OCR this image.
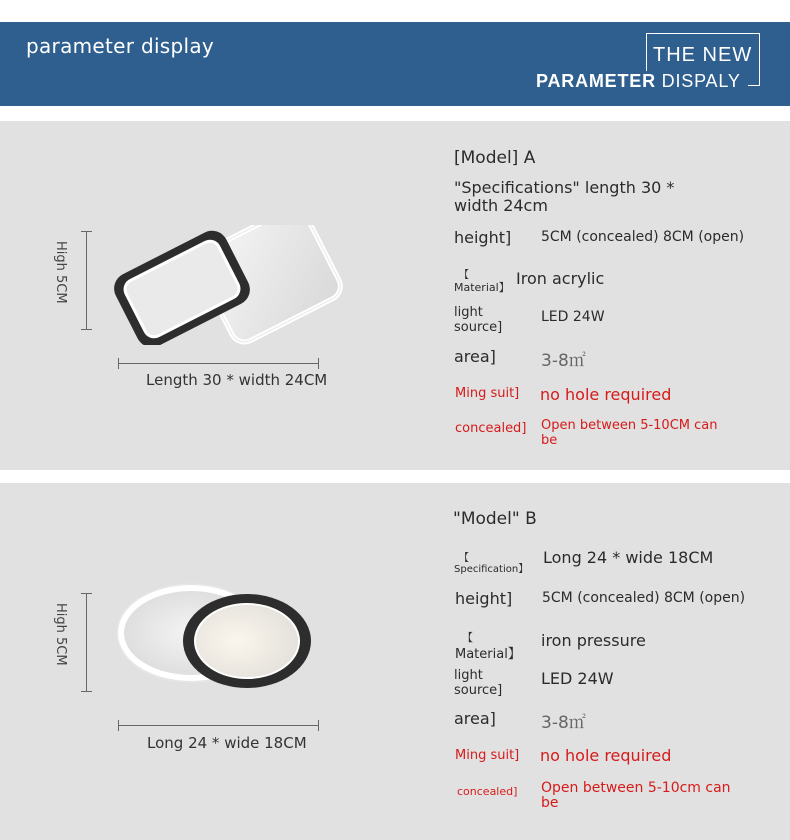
parameter display	THE NEW
PARAMETER DISPALY
High 5CM
Length 30 * width 24CM
[Model] A
"Specifications" length 30 *
width 24cm
height] 5CM (concealed) 8CM (open)
【
Material】 Iron acrylic
light
source]
LED 24W
area]	3-8㎡
Ming suit] no hole required
concealed] Open between 5-10CM can
be
High 5CM
Long 24 * wide 18CM
"Model" B
【
Specification】
Long 24 * wide 18CM
height] 5CM (concealed) 8CM (open)
【
Material】
iron pressure
light
source]
LED 24W
area]	3-8㎡
Ming suit] no hole required
concealed] Open between 5-10cm can
be
